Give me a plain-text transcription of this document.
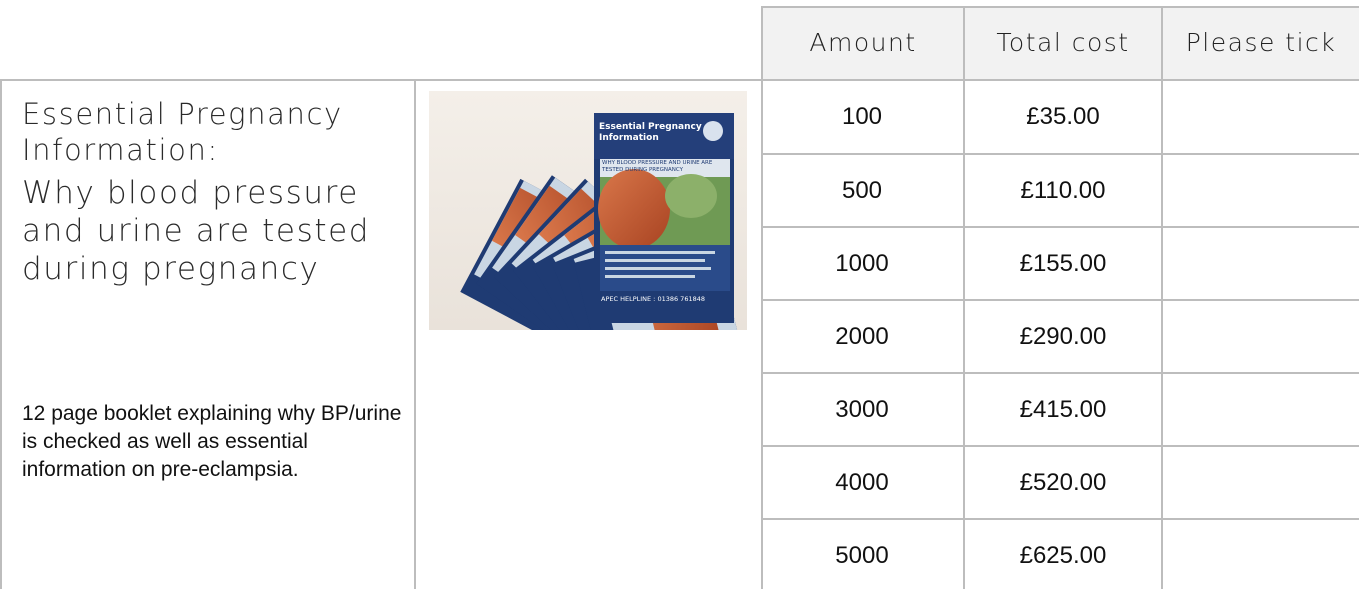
Amount	Total cost	Please tick
Essential Pregnancy Information:
Why blood pressure and urine are tested during pregnancy
12 page booklet explaining why BP/urine is checked as well as essential information on pre-eclampsia.
Essential Pregnancy Information
WHY BLOOD PRESSURE AND URINE ARE TESTED DURING PREGNANCY
APEC HELPLINE : 01386 761848
100	£35.00
500	£110.00
1000	£155.00
2000	£290.00
3000	£415.00
4000	£520.00
5000	£625.00
